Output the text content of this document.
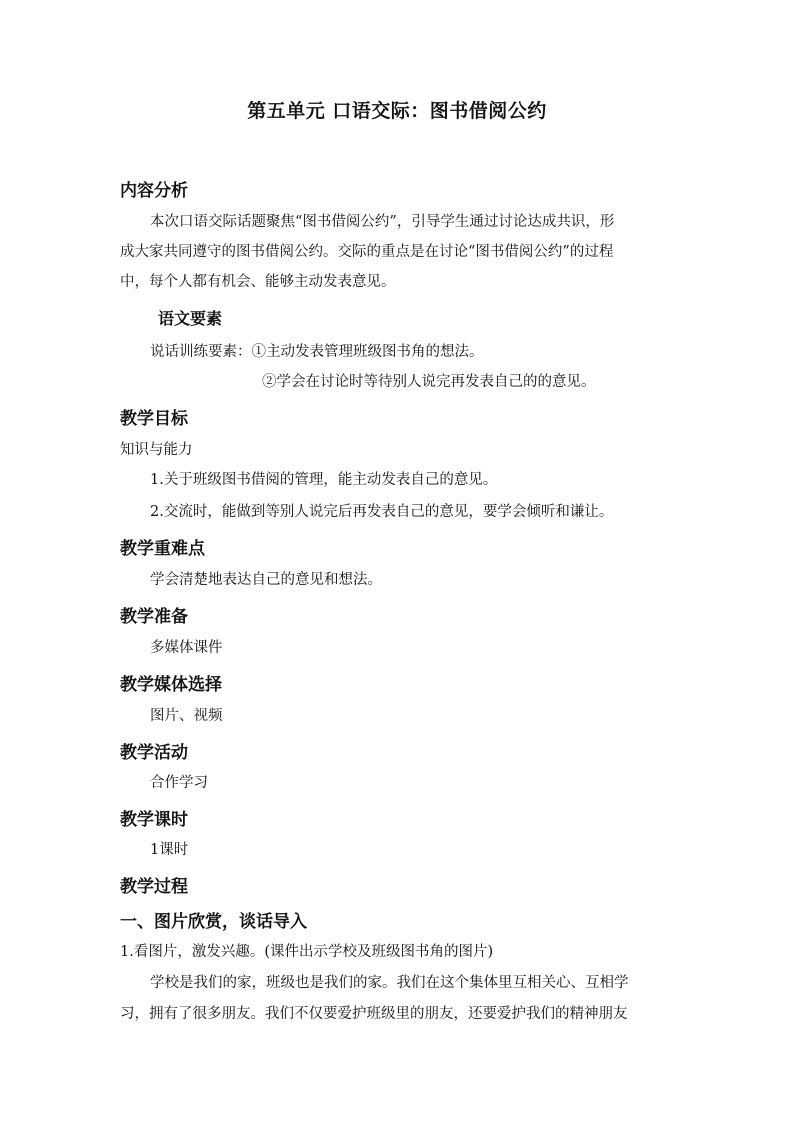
第五单元 口语交际：图书借阅公约
内容分析
本次口语交际话题聚焦“图书借阅公约”，引导学生通过讨论达成共识，形
成大家共同遵守的图书借阅公约。交际的重点是在讨论“图书借阅公约”的过程
中，每个人都有机会、能够主动发表意见。
语文要素
说话训练要素：①主动发表管理班级图书角的想法。
②学会在讨论时等待别人说完再发表自己的的意见。
教学目标
知识与能力
1.关于班级图书借阅的管理，能主动发表自己的意见。
2.交流时，能做到等别人说完后再发表自己的意见，要学会倾听和谦让。
教学重难点
学会清楚地表达自己的意见和想法。
教学准备
多媒体课件
教学媒体选择
图片、视频
教学活动
合作学习
教学课时
1课时
教学过程
一、图片欣赏，谈话导入
1.看图片，激发兴趣。(课件出示学校及班级图书角的图片)
学校是我们的家，班级也是我们的家。我们在这个集体里互相关心、互相学
习，拥有了很多朋友。我们不仅要爱护班级里的朋友，还要爱护我们的精神朋友
